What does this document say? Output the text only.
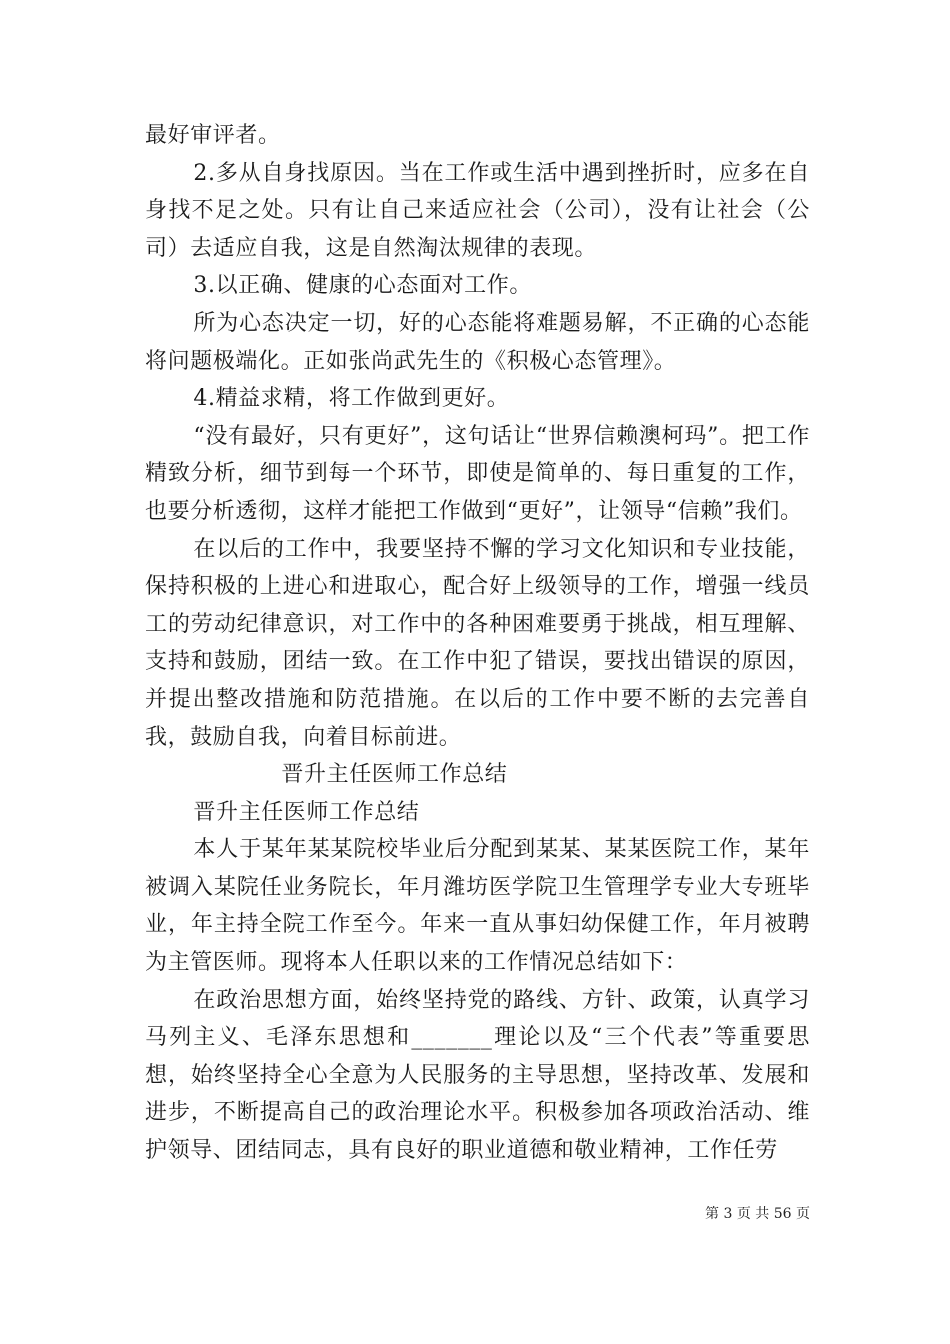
最好审评者。

2.多从自身找原因。当在工作或生活中遇到挫折时，应多在自身找不足之处。只有让自己来适应社会（公司），没有让社会（公司）去适应自我，这是自然淘汰规律的表现。

3.以正确、健康的心态面对工作。

所为心态决定一切，好的心态能将难题易解，不正确的心态能将问题极端化。正如张尚武先生的《积极心态管理》。

4.精益求精，将工作做到更好。

“没有最好，只有更好”，这句话让“世界信赖澳柯玛”。把工作精致分析，细节到每一个环节，即使是简单的、每日重复的工作，也要分析透彻，这样才能把工作做到“更好”，让领导“信赖”我们。

在以后的工作中，我要坚持不懈的学习文化知识和专业技能，保持积极的上进心和进取心，配合好上级领导的工作，增强一线员工的劳动纪律意识，对工作中的各种困难要勇于挑战，相互理解、支持和鼓励，团结一致。在工作中犯了错误，要找出错误的原因，并提出整改措施和防范措施。在以后的工作中要不断的去完善自我，鼓励自我，向着目标前进。

晋升主任医师工作总结

晋升主任医师工作总结

本人于某年某某院校毕业后分配到某某、某某医院工作，某年被调入某院任业务院长，年月潍坊医学院卫生管理学专业大专班毕业，年主持全院工作至今。年来一直从事妇幼保健工作，年月被聘为主管医师。现将本人任职以来的工作情况总结如下：

在政治思想方面，始终坚持党的路线、方针、政策，认真学习马列主义、毛泽东思想和_______理论以及“三个代表”等重要思想，始终坚持全心全意为人民服务的主导思想，坚持改革、发展和进步，不断提高自己的政治理论水平。积极参加各项政治活动、维护领导、团结同志，具有良好的职业道德和敬业精神，工作任劳

第 3 页 共 56 页
